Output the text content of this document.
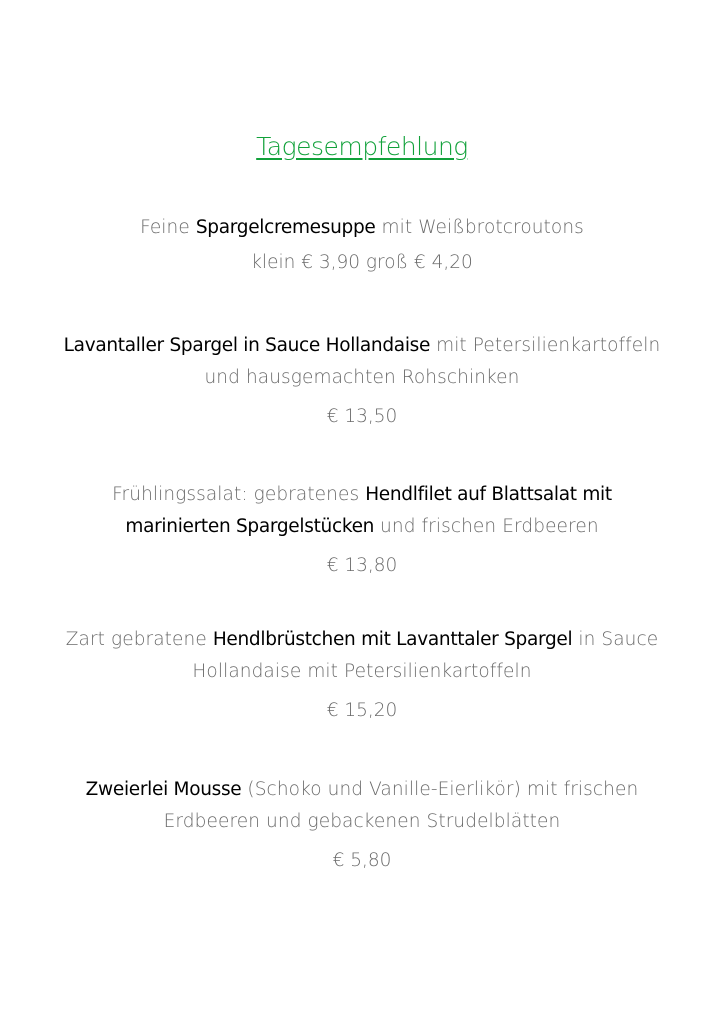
Tagesempfehlung
Feine Spargelcremesuppe mit Weißbrotcroutons
klein € 3,90 groß € 4,20
Lavantaller Spargel in Sauce Hollandaise mit Petersilienkartoffeln und hausgemachten Rohschinken
€ 13,50
Frühlingssalat: gebratenes Hendlfilet auf Blattsalat mit marinierten Spargelstücken und frischen Erdbeeren
€ 13,80
Zart gebratene Hendlbrüstchen mit Lavanttaler Spargel in Sauce Hollandaise mit Petersilienkartoffeln
€ 15,20
Zweierlei Mousse (Schoko und Vanille-Eierlikör) mit frischen Erdbeeren und gebackenen Strudelblätten
€ 5,80
